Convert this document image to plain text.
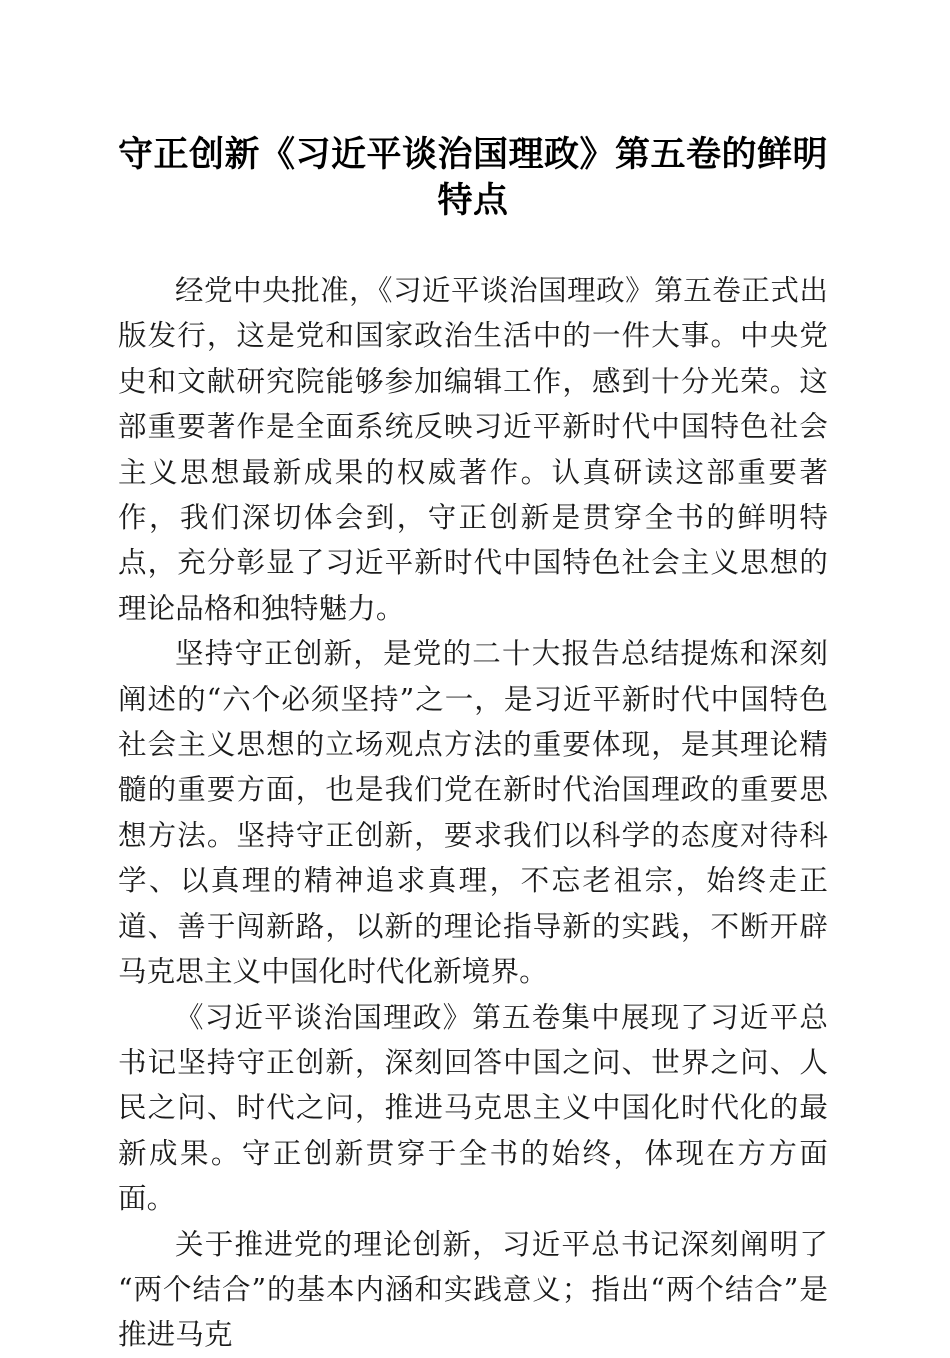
守正创新《习近平谈治国理政》第五卷的鲜明特点

经党中央批准，《习近平谈治国理政》第五卷正式出版发行，这是党和国家政治生活中的一件大事。中央党史和文献研究院能够参加编辑工作，感到十分光荣。这部重要著作是全面系统反映习近平新时代中国特色社会主义思想最新成果的权威著作。认真研读这部重要著作，我们深切体会到，守正创新是贯穿全书的鲜明特点，充分彰显了习近平新时代中国特色社会主义思想的理论品格和独特魅力。

坚持守正创新，是党的二十大报告总结提炼和深刻阐述的“六个必须坚持”之一，是习近平新时代中国特色社会主义思想的立场观点方法的重要体现，是其理论精髓的重要方面，也是我们党在新时代治国理政的重要思想方法。坚持守正创新，要求我们以科学的态度对待科学、以真理的精神追求真理，不忘老祖宗，始终走正道、善于闯新路，以新的理论指导新的实践，不断开辟马克思主义中国化时代化新境界。

《习近平谈治国理政》第五卷集中展现了习近平总书记坚持守正创新，深刻回答中国之问、世界之问、人民之问、时代之问，推进马克思主义中国化时代化的最新成果。守正创新贯穿于全书的始终，体现在方方面面。

关于推进党的理论创新，习近平总书记深刻阐明了“两个结合”的基本内涵和实践意义；指出“两个结合”是推进马克
